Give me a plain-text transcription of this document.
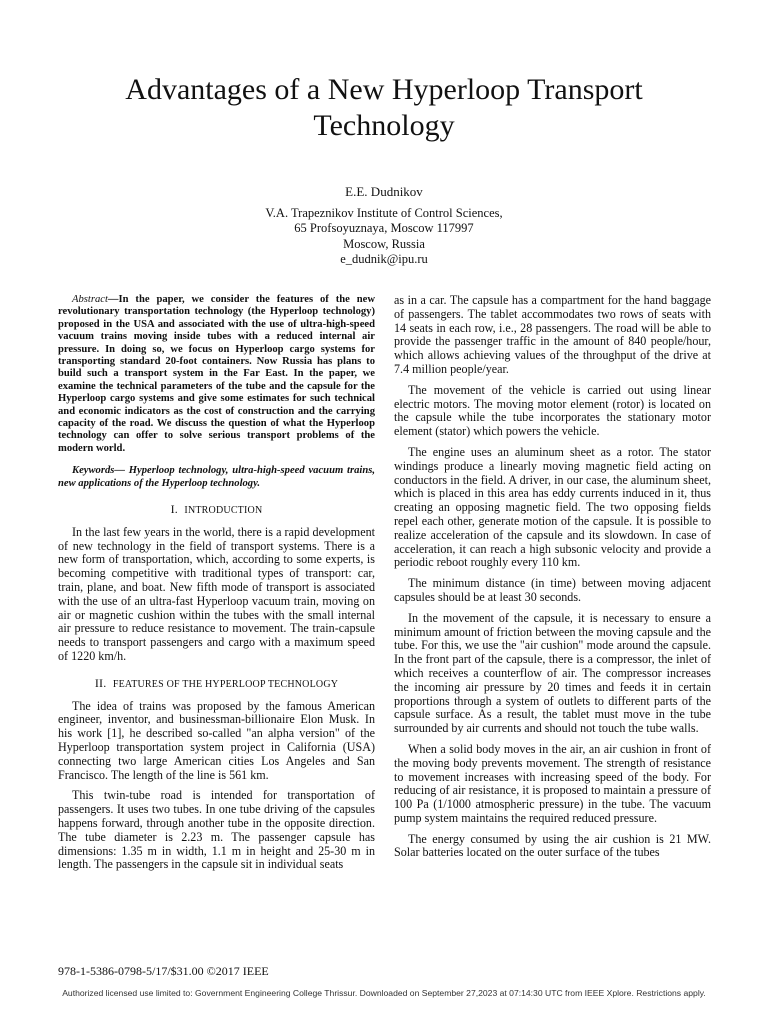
Advantages of a New Hyperloop Transport Technology
E.E. Dudnikov
V.A. Trapeznikov Institute of Control Sciences,
65 Profsoyuznaya, Moscow 117997
Moscow, Russia
e_dudnik@ipu.ru

Abstract—In the paper, we consider the features of the new revolutionary transportation technology (the Hyperloop technology) proposed in the USA and associated with the use of ultra-high-speed vacuum trains moving inside tubes with a reduced internal air pressure. In doing so, we focus on Hyperloop cargo systems for transporting standard 20-foot containers. Now Russia has plans to build such a transport system in the Far East. In the paper, we examine the technical parameters of the tube and the capsule for the Hyperloop cargo systems and give some estimates for such technical and economic indicators as the cost of construction and the carrying capacity of the road. We discuss the question of what the Hyperloop technology can offer to solve serious transport problems of the modern world.

Keywords— Hyperloop technology, ultra-high-speed vacuum trains, new applications of the Hyperloop technology.

I. INTRODUCTION

In the last few years in the world, there is a rapid development of new technology in the field of transport systems. There is a new form of transportation, which, according to some experts, is becoming competitive with traditional types of transport: car, train, plane, and boat. New fifth mode of transport is associated with the use of an ultra-fast Hyperloop vacuum train, moving on air or magnetic cushion within the tubes with the small internal air pressure to reduce resistance to movement. The train-capsule needs to transport passengers and cargo with a maximum speed of 1220 km/h.

II. FEATURES OF THE HYPERLOOP TECHNOLOGY

The idea of trains was proposed by the famous American engineer, inventor, and businessman-billionaire Elon Musk. In his work [1], he described so-called "an alpha version" of the Hyperloop transportation system project in California (USA) connecting two large American cities Los Angeles and San Francisco. The length of the line is 561 km.

This twin-tube road is intended for transportation of passengers. It uses two tubes. In one tube driving of the capsules happens forward, through another tube in the opposite direction. The tube diameter is 2.23 m. The passenger capsule has dimensions: 1.35 m in width, 1.1 m in height and 25-30 m in length. The passengers in the capsule sit in individual seats

as in a car. The capsule has a compartment for the hand baggage of passengers. The tablet accommodates two rows of seats with 14 seats in each row, i.e., 28 passengers. The road will be able to provide the passenger traffic in the amount of 840 people/hour, which allows achieving values of the throughput of the drive at 7.4 million people/year.

The movement of the vehicle is carried out using linear electric motors. The moving motor element (rotor) is located on the capsule while the tube incorporates the stationary motor element (stator) which powers the vehicle.

The engine uses an aluminum sheet as a rotor. The stator windings produce a linearly moving magnetic field acting on conductors in the field. A driver, in our case, the aluminum sheet, which is placed in this area has eddy currents induced in it, thus creating an opposing magnetic field. The two opposing fields repel each other, generate motion of the capsule. It is possible to realize acceleration of the capsule and its slowdown. In case of acceleration, it can reach a high subsonic velocity and provide a periodic reboot roughly every 110 km.

The minimum distance (in time) between moving adjacent capsules should be at least 30 seconds.

In the movement of the capsule, it is necessary to ensure a minimum amount of friction between the moving capsule and the tube. For this, we use the "air cushion" mode around the capsule. In the front part of the capsule, there is a compressor, the inlet of which receives a counterflow of air. The compressor increases the incoming air pressure by 20 times and feeds it in certain proportions through a system of outlets to different parts of the capsule surface. As a result, the tablet must move in the tube surrounded by air currents and should not touch the tube walls.

When a solid body moves in the air, an air cushion in front of the moving body prevents movement. The strength of resistance to movement increases with increasing speed of the body. For reducing of air resistance, it is proposed to maintain a pressure of 100 Pa (1/1000 atmospheric pressure) in the tube. The vacuum pump system maintains the required reduced pressure.

The energy consumed by using the air cushion is 21 MW. Solar batteries located on the outer surface of the tubes

978-1-5386-0798-5/17/$31.00 ©2017 IEEE
Authorized licensed use limited to: Government Engineering College Thrissur. Downloaded on September 27,2023 at 07:14:30 UTC from IEEE Xplore. Restrictions apply.
